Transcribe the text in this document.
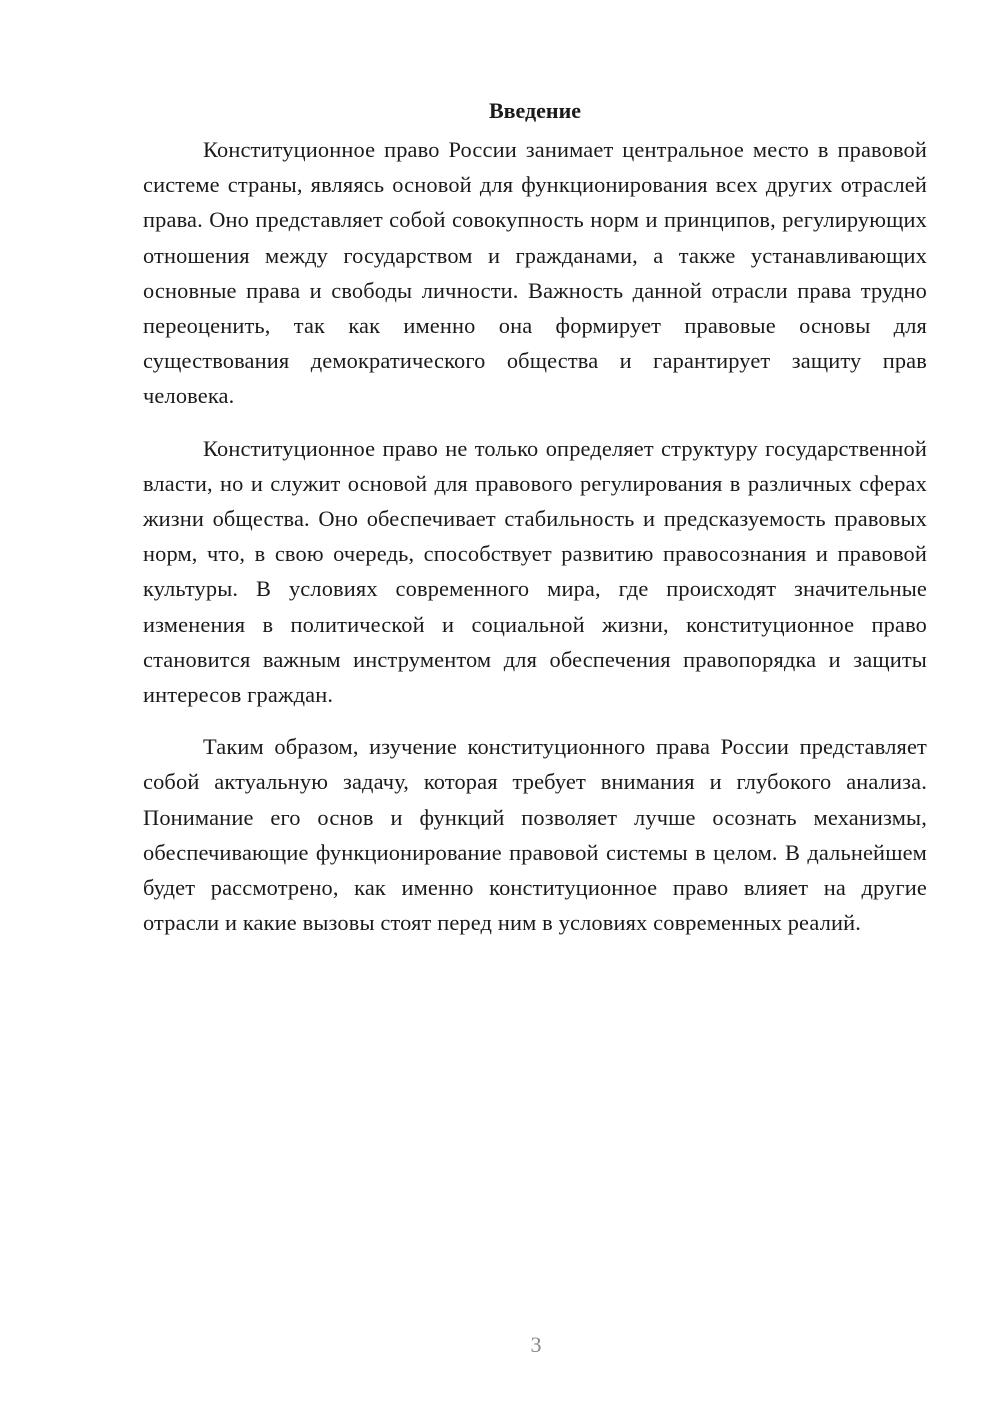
Введение

Конституционное право России занимает центральное место в правовой системе страны, являясь основой для функционирования всех других отраслей права. Оно представляет собой совокупность норм и принципов, регулирующих отношения между государством и гражданами, а также устанавливающих основные права и свободы личности. Важность данной отрасли права трудно переоценить, так как именно она формирует правовые основы для существования демократического общества и гарантирует защиту прав человека.

Конституционное право не только определяет структуру государственной власти, но и служит основой для правового регулирования в различных сферах жизни общества. Оно обеспечивает стабильность и предсказуемость правовых норм, что, в свою очередь, способствует развитию правосознания и правовой культуры. В условиях современного мира, где происходят значительные изменения в политической и социальной жизни, конституционное право становится важным инструментом для обеспечения правопорядка и защиты интересов граждан.

Таким образом, изучение конституционного права России представляет собой актуальную задачу, которая требует внимания и глубокого анализа. Понимание его основ и функций позволяет лучше осознать механизмы, обеспечивающие функционирование правовой системы в целом. В дальнейшем будет рассмотрено, как именно конституционное право влияет на другие отрасли и какие вызовы стоят перед ним в условиях современных реалий.

3
